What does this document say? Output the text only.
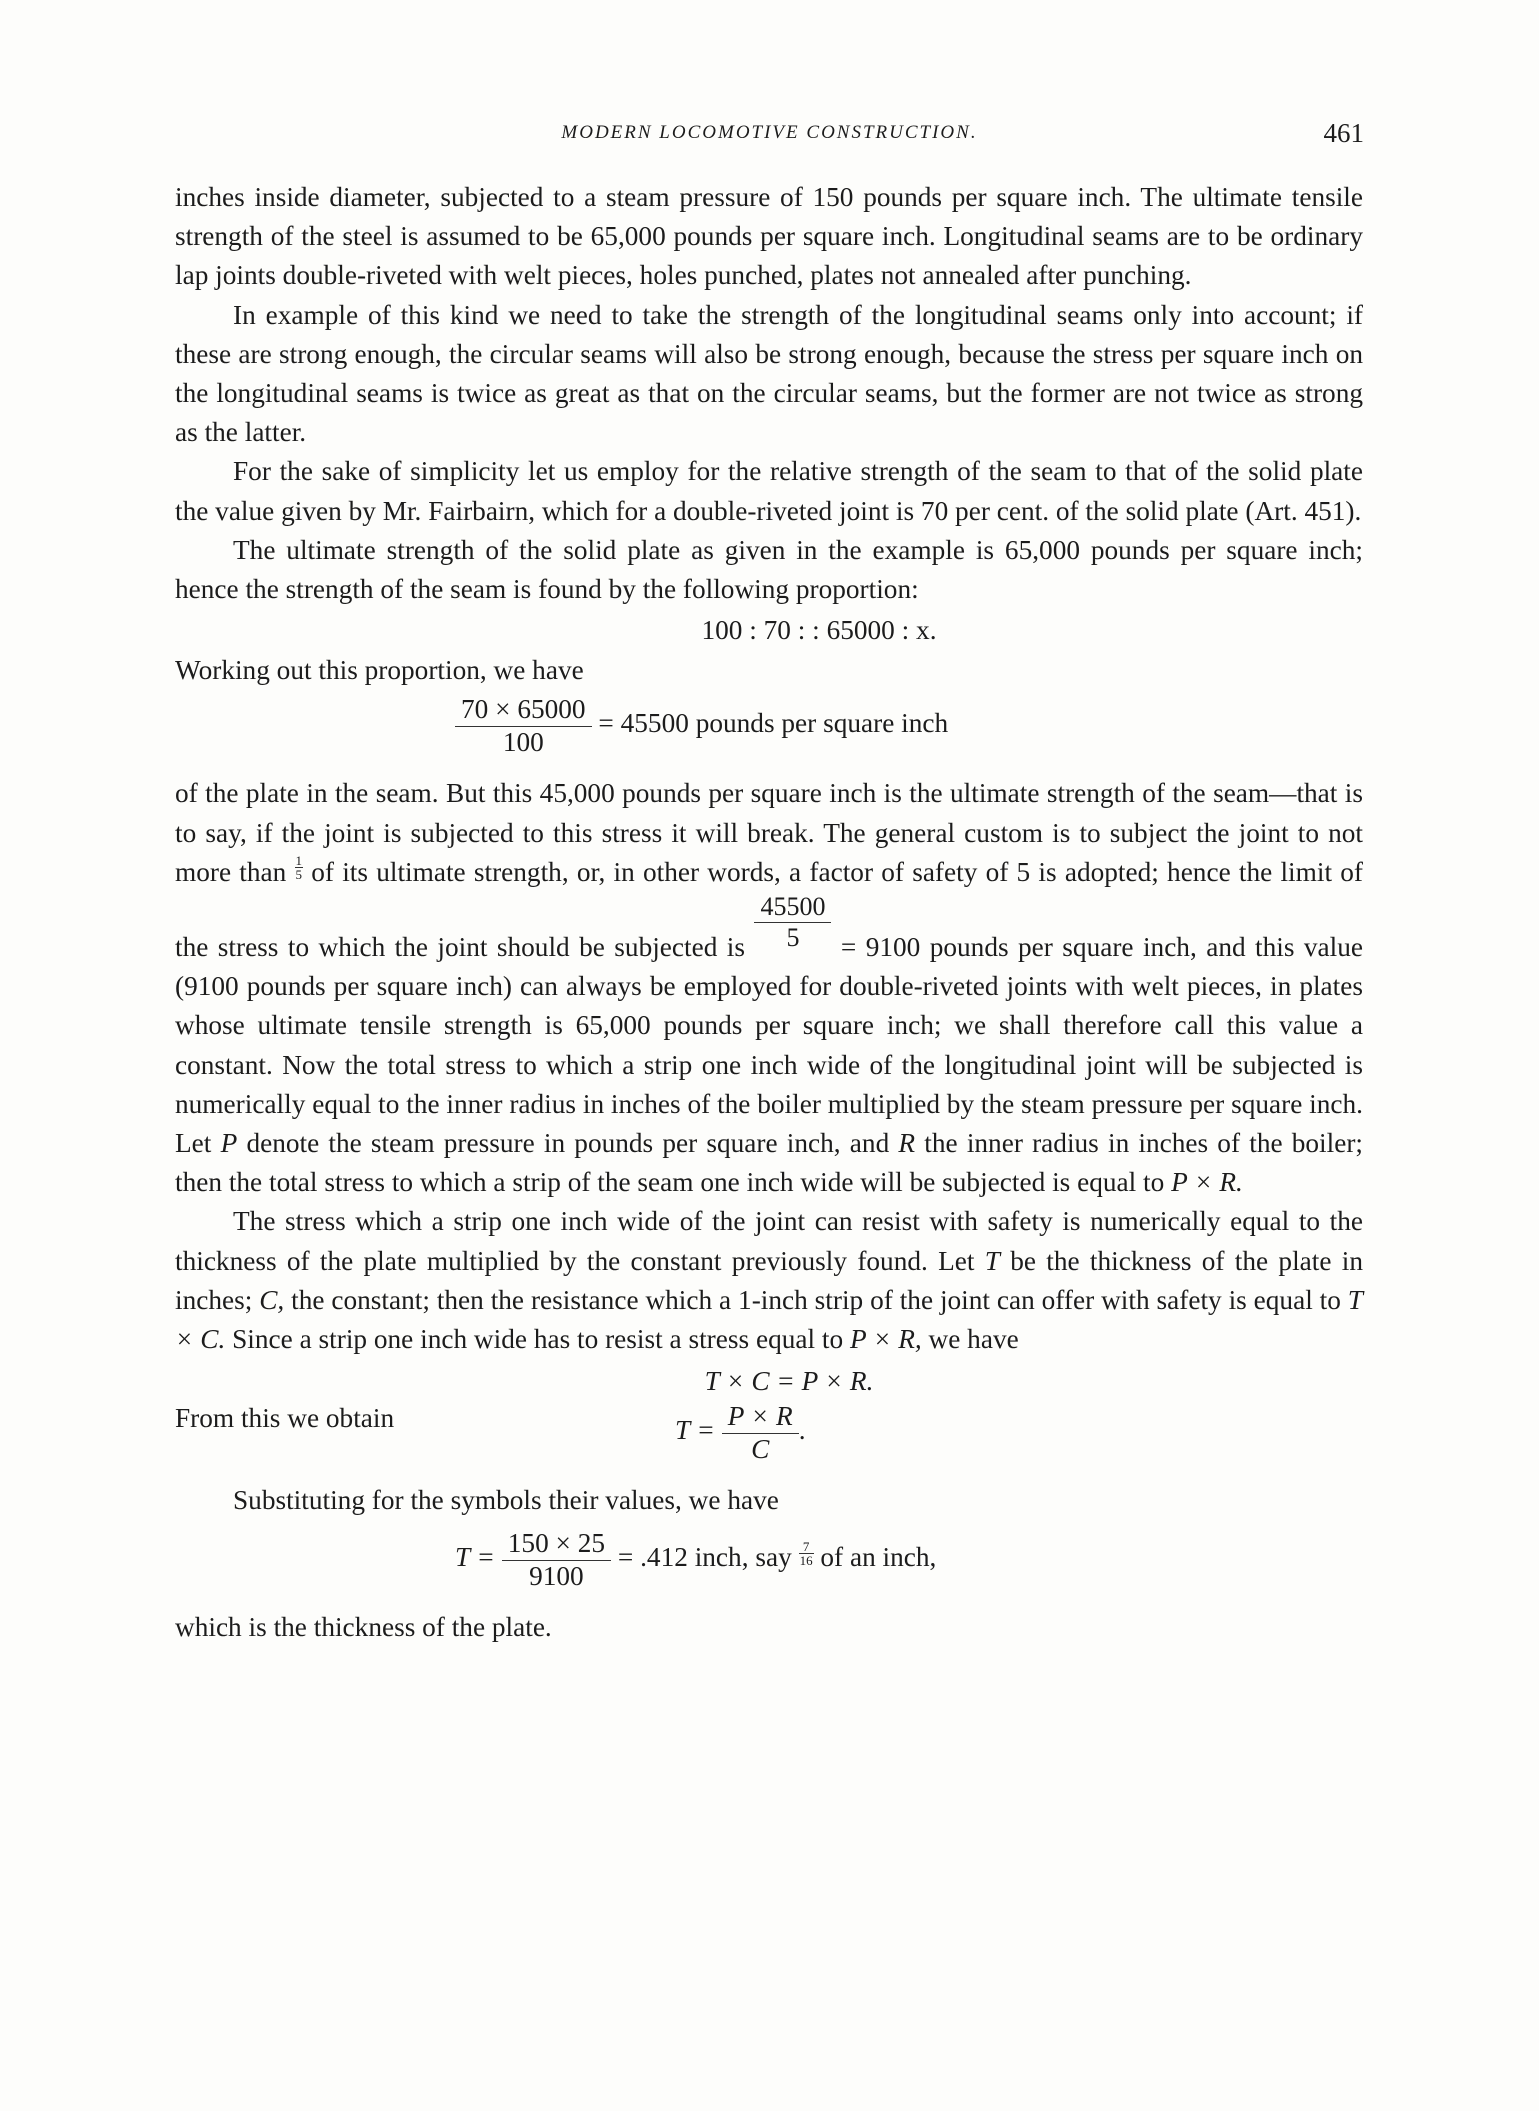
MODERN LOCOMOTIVE CONSTRUCTION.	461

inches inside diameter, subjected to a steam pressure of 150 pounds per square inch. The ultimate tensile strength of the steel is assumed to be 65,000 pounds per square inch. Longitudinal seams are to be ordinary lap joints double-riveted with welt pieces, holes punched, plates not annealed after punching.

In example of this kind we need to take the strength of the longitudinal seams only into account; if these are strong enough, the circular seams will also be strong enough, because the stress per square inch on the longitudinal seams is twice as great as that on the circular seams, but the former are not twice as strong as the latter.

For the sake of simplicity let us employ for the relative strength of the seam to that of the solid plate the value given by Mr. Fairbairn, which for a double-riveted joint is 70 per cent. of the solid plate (Art. 451).

The ultimate strength of the solid plate as given in the example is 65,000 pounds per square inch; hence the strength of the seam is found by the following proportion:

100 : 70 : : 65000 : x.

Working out this proportion, we have

$\frac{70 \times 65000}{100} = 45500$ pounds per square inch

of the plate in the seam. But this 45,000 pounds per square inch is the ultimate strength of the seam—that is to say, if the joint is subjected to this stress it will break. The general custom is to subject the joint to not more than $\frac{1}{5}$ of its ultimate strength, or, in other words, a factor of safety of 5 is adopted; hence the limit of the stress to which the joint should be subjected is $\frac{45500}{5} = 9100$ pounds per square inch, and this value (9100 pounds per square inch) can always be employed for double-riveted joints with welt pieces, in plates whose ultimate tensile strength is 65,000 pounds per square inch; we shall therefore call this value a constant. Now the total stress to which a strip one inch wide of the longitudinal joint will be subjected is numerically equal to the inner radius in inches of the boiler multiplied by the steam pressure per square inch. Let P denote the steam pressure in pounds per square inch, and R the inner radius in inches of the boiler; then the total stress to which a strip of the seam one inch wide will be subjected is equal to P × R.

The stress which a strip one inch wide of the joint can resist with safety is numerically equal to the thickness of the plate multiplied by the constant previously found. Let T be the thickness of the plate in inches; C, the constant; then the resistance which a 1-inch strip of the joint can offer with safety is equal to T × C. Since a strip one inch wide has to resist a stress equal to P × R, we have

T × C = P × R.
From this we obtain	$T = \frac{P \times R}{C}$ .

Substituting for the symbols their values, we have

$T = \frac{150 \times 25}{9100} = .412$ inch, say $\frac{7}{16}$ of an inch,

which is the thickness of the plate.
